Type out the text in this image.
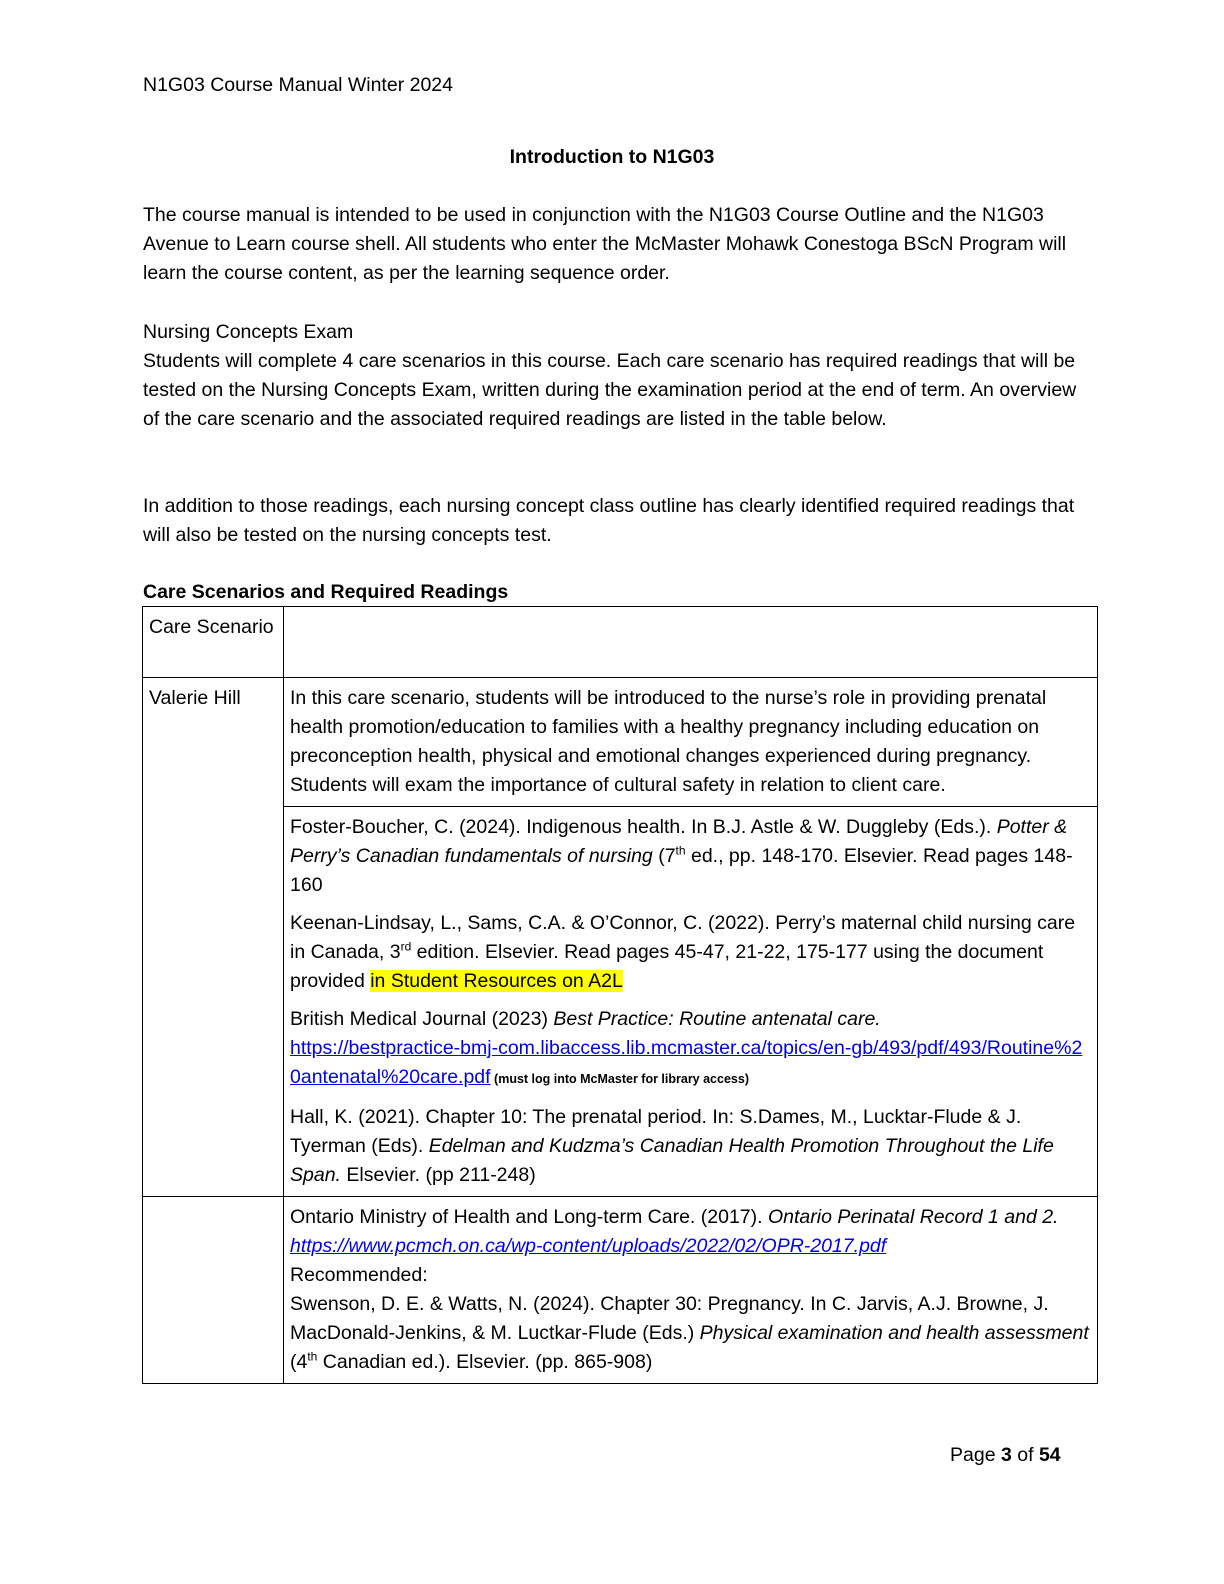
N1G03 Course Manual Winter 2024
Introduction to N1G03
The course manual is intended to be used in conjunction with the N1G03 Course Outline and the N1G03 Avenue to Learn course shell. All students who enter the McMaster Mohawk Conestoga BScN Program will learn the course content, as per the learning sequence order.
Nursing Concepts Exam
Students will complete 4 care scenarios in this course. Each care scenario has required readings that will be tested on the Nursing Concepts Exam, written during the examination period at the end of term. An overview of the care scenario and the associated required readings are listed in the table below.
In addition to those readings, each nursing concept class outline has clearly identified required readings that will also be tested on the nursing concepts test.
Care Scenarios and Required Readings
Care Scenario	
Valerie Hill	In this care scenario, students will be introduced to the nurse’s role in providing prenatal health promotion/education to families with a healthy pregnancy including education on preconception health, physical and emotional changes experienced during pregnancy. Students will exam the importance of cultural safety in relation to client care.

	Foster-Boucher, C. (2024). Indigenous health. In B.J. Astle & W. Duggleby (Eds.). Potter & Perry’s Canadian fundamentals of nursing (7th ed., pp. 148-170. Elsevier. Read pages 148-160
Keenan-Lindsay, L., Sams, C.A. & O’Connor, C. (2022). Perry’s maternal child nursing care in Canada, 3rd edition. Elsevier. Read pages 45-47, 21-22, 175-177 using the document provided in Student Resources on A2L
British Medical Journal (2023) Best Practice: Routine antenatal care.
https://bestpractice-bmj-com.libaccess.lib.mcmaster.ca/topics/en-gb/493/pdf/493/Routine%20antenatal%20care.pdf (must log into McMaster for library access)
Hall, K. (2021). Chapter 10: The prenatal period. In: S.Dames, M., Lucktar-Flude & J. Tyerman (Eds). Edelman and Kudzma’s Canadian Health Promotion Throughout the Life Span. Elsevier. (pp 211-248)

	Ontario Ministry of Health and Long-term Care. (2017). Ontario Perinatal Record 1 and 2. https://www.pcmch.on.ca/wp-content/uploads/2022/02/OPR-2017.pdf
Recommended:
Swenson, D. E. & Watts, N. (2024). Chapter 30: Pregnancy. In C. Jarvis, A.J. Browne, J. MacDonald-Jenkins, & M. Luctkar-Flude (Eds.) Physical examination and health assessment (4th Canadian ed.). Elsevier. (pp. 865-908)
Page 3 of 54
